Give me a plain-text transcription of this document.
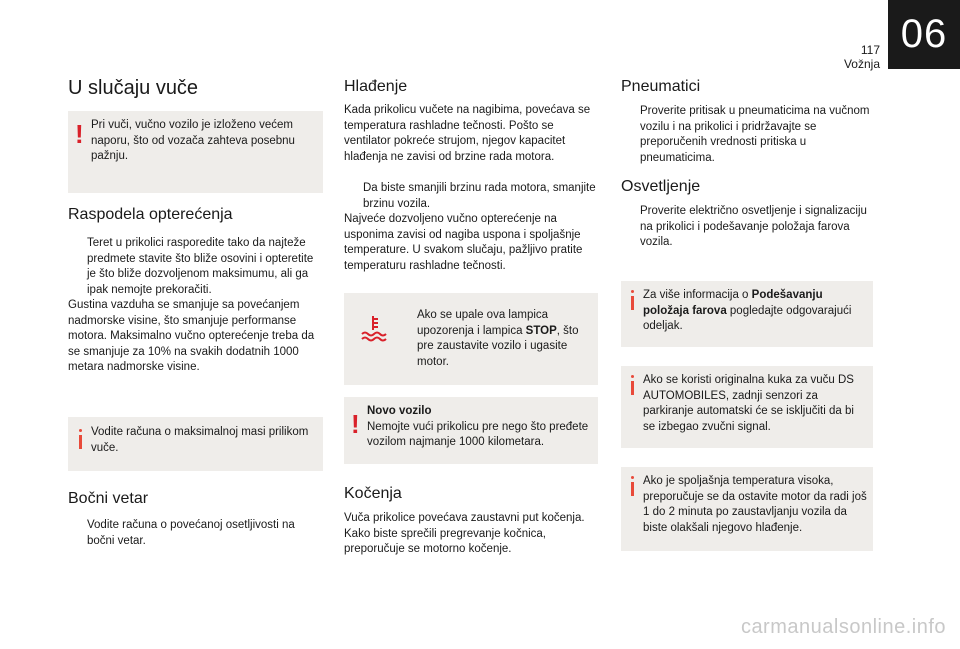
117
Vožnja
06
U slučaju vuče
! Pri vuči, vučno vozilo je izloženo većem naporu, što od vozača zahteva posebnu pažnju.
Raspodela opterećenja
Teret u prikolici rasporedite tako da najteže predmete stavite što bliže osovini i opteretite je što bliže dozvoljenom maksimumu, ali ga ipak nemojte prekoračiti.
Gustina vazduha se smanjuje sa povećanjem nadmorske visine, što smanjuje performanse motora. Maksimalno vučno opterećenje treba da se smanjuje za 10% na svakih dodatnih 1000 metara nadmorske visine.
Vodite računa o maksimalnoj masi prilikom vuče.
Bočni vetar
Vodite računa o povećanoj osetljivosti na bočni vetar.
Hlađenje
Kada prikolicu vučete na nagibima, povećava se temperatura rashladne tečnosti. Pošto se ventilator pokreće strujom, njegov kapacitet hlađenja ne zavisi od brzine rada motora.
Da biste smanjili brzinu rada motora, smanjite brzinu vozila.
Najveće dozvoljeno vučno opterećenje na usponima zavisi od nagiba uspona i spoljašnje temperature. U svakom slučaju, pažljivo pratite temperaturu rashladne tečnosti.
Ako se upale ova lampica upozorenja i lampica STOP, što pre zaustavite vozilo i ugasite motor.
! Novo vozilo
Nemojte vući prikolicu pre nego što pređete vozilom najmanje 1000 kilometara.
Kočenja
Vuča prikolice povećava zaustavni put kočenja. Kako biste sprečili pregrevanje kočnica, preporučuje se motorno kočenje.
Pneumatici
Proverite pritisak u pneumaticima na vučnom vozilu i na prikolici i pridržavajte se preporučenih vrednosti pritiska u pneumaticima.
Osvetljenje
Proverite električno osvetljenje i signalizaciju na prikolici i podešavanje položaja farova vozila.
Za više informacija o Podešavanju položaja farova pogledajte odgovarajući odeljak.
Ako se koristi originalna kuka za vuču DS AUTOMOBILES, zadnji senzori za parkiranje automatski će se isključiti da bi se izbegao zvučni signal.
Ako je spoljašnja temperatura visoka, preporučuje se da ostavite motor da radi još 1 do 2 minuta po zaustavljanju vozila da biste olakšali njegovo hlađenje.
carmanualsonline.info
